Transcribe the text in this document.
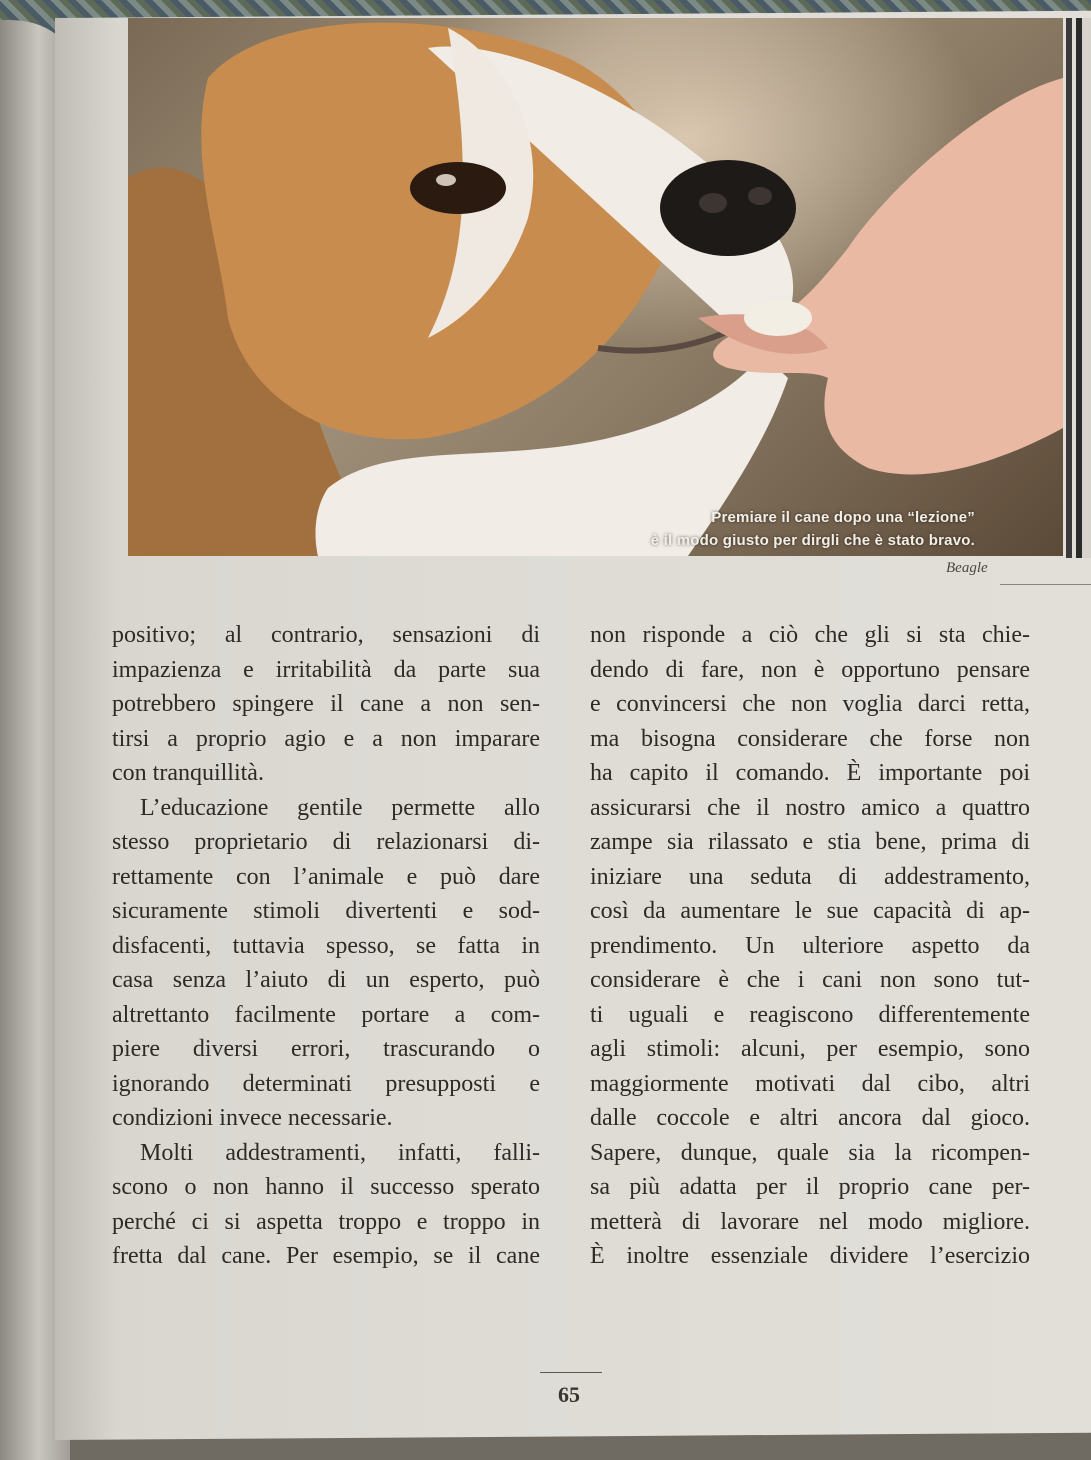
Premiare il cane dopo una “lezione”
è il modo giusto per dirgli che è stato bravo.
Beagle
positivo; al contrario, sensazioni di
impazienza e irritabilità da parte sua
potrebbero spingere il cane a non sen-
tirsi a proprio agio e a non imparare
con tranquillità.
L’educazione gentile permette allo
stesso proprietario di relazionarsi di-
rettamente con l’animale e può dare
sicuramente stimoli divertenti e sod-
disfacenti, tuttavia spesso, se fatta in
casa senza l’aiuto di un esperto, può
altrettanto facilmente portare a com-
piere diversi errori, trascurando o
ignorando determinati presupposti e
condizioni invece necessarie.
Molti addestramenti, infatti, falli-
scono o non hanno il successo sperato
perché ci si aspetta troppo e troppo in
fretta dal cane. Per esempio, se il cane
non risponde a ciò che gli si sta chie-
dendo di fare, non è opportuno pensare
e convincersi che non voglia darci retta,
ma bisogna considerare che forse non
ha capito il comando. È importante poi
assicurarsi che il nostro amico a quattro
zampe sia rilassato e stia bene, prima di
iniziare una seduta di addestramento,
così da aumentare le sue capacità di ap-
prendimento. Un ulteriore aspetto da
considerare è che i cani non sono tut-
ti uguali e reagiscono differentemente
agli stimoli: alcuni, per esempio, sono
maggiormente motivati dal cibo, altri
dalle coccole e altri ancora dal gioco.
Sapere, dunque, quale sia la ricompen-
sa più adatta per il proprio cane per-
metterà di lavorare nel modo migliore.
È inoltre essenziale dividere l’esercizio
65
